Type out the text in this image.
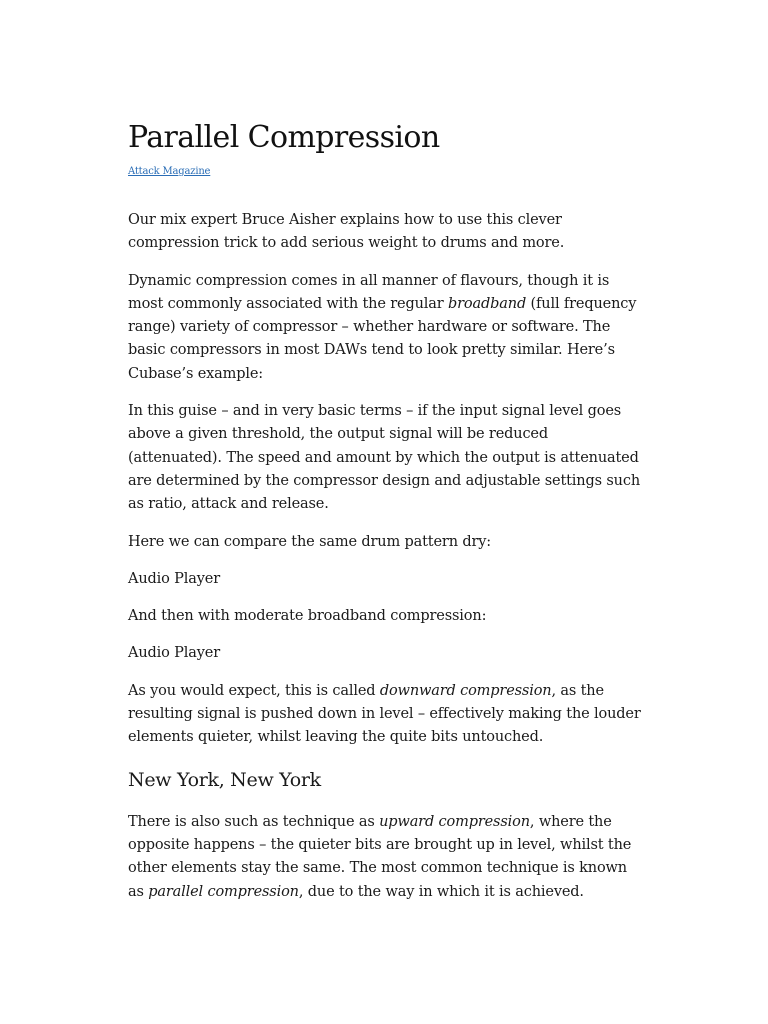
Parallel Compression
Attack Magazine

Our mix expert Bruce Aisher explains how to use this clever compression trick to add serious weight to drums and more.

Dynamic compression comes in all manner of flavours, though it is most commonly associated with the regular broadband (full frequency range) variety of compressor – whether hardware or software. The basic compressors in most DAWs tend to look pretty similar. Here’s Cubase’s example:

In this guise – and in very basic terms – if the input signal level goes above a given threshold, the output signal will be reduced (attenuated). The speed and amount by which the output is attenuated are determined by the compressor design and adjustable settings such as ratio, attack and release.

Here we can compare the same drum pattern dry:

Audio Player

And then with moderate broadband compression:

Audio Player

As you would expect, this is called downward compression, as the resulting signal is pushed down in level – effectively making the louder elements quieter, whilst leaving the quite bits untouched.

New York, New York

There is also such as technique as upward compression, where the opposite happens – the quieter bits are brought up in level, whilst the other elements stay the same. The most common technique is known as parallel compression, due to the way in which it is achieved.
